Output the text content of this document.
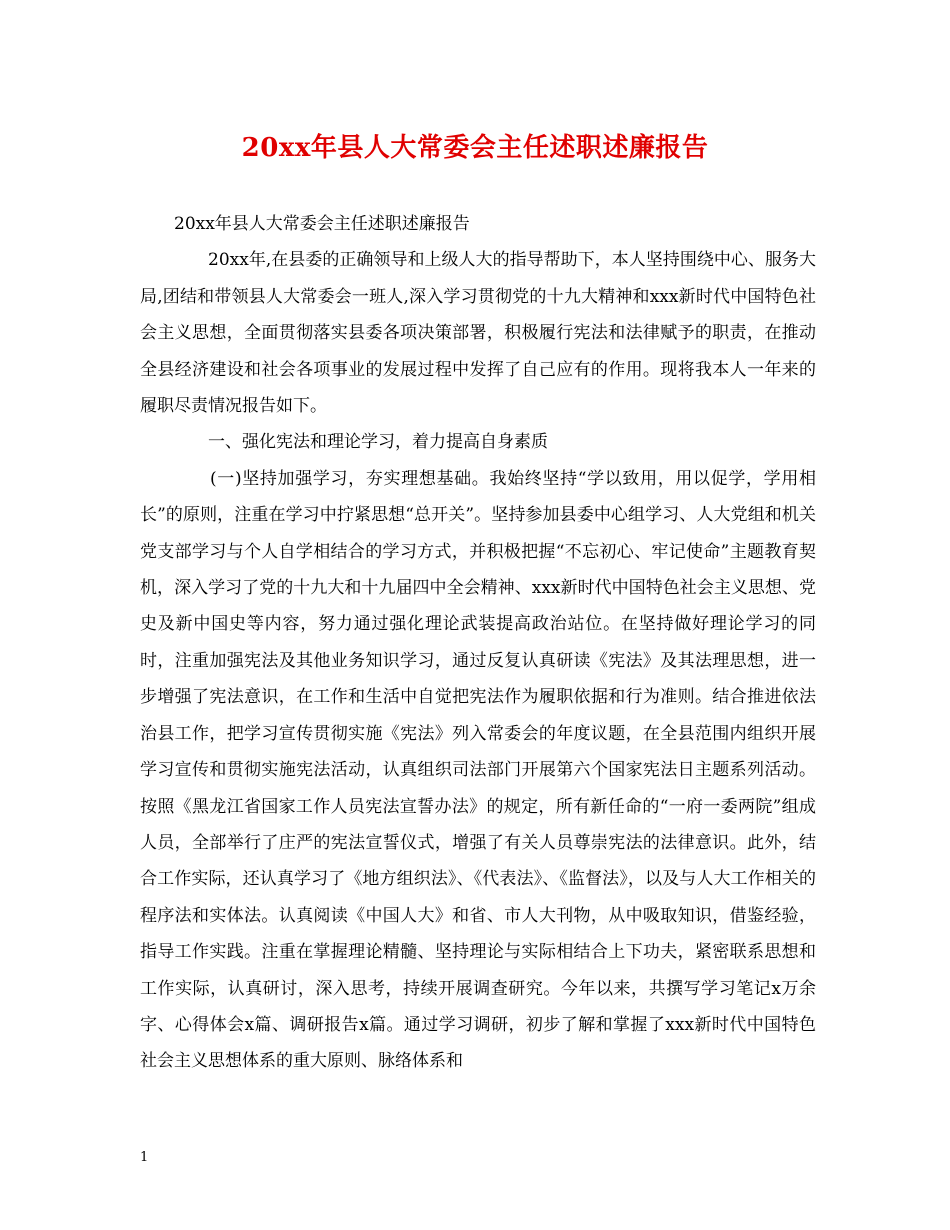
20xx年县人大常委会主任述职述廉报告

20xx年县人大常委会主任述职述廉报告

20xx年,在县委的正确领导和上级人大的指导帮助下，本人坚持围绕中心、服务大局,团结和带领县人大常委会一班人,深入学习贯彻党的十九大精神和xxx新时代中国特色社会主义思想，全面贯彻落实县委各项决策部署，积极履行宪法和法律赋予的职责，在推动全县经济建设和社会各项事业的发展过程中发挥了自己应有的作用。现将我本人一年来的履职尽责情况报告如下。

一、强化宪法和理论学习，着力提高自身素质

(一)坚持加强学习，夯实理想基础。我始终坚持“学以致用，用以促学，学用相长”的原则，注重在学习中拧紧思想“总开关”。坚持参加县委中心组学习、人大党组和机关党支部学习与个人自学相结合的学习方式，并积极把握“不忘初心、牢记使命”主题教育契机，深入学习了党的十九大和十九届四中全会精神、xxx新时代中国特色社会主义思想、党史及新中国史等内容，努力通过强化理论武装提高政治站位。在坚持做好理论学习的同时，注重加强宪法及其他业务知识学习，通过反复认真研读《宪法》及其法理思想，进一步增强了宪法意识，在工作和生活中自觉把宪法作为履职依据和行为准则。结合推进依法治县工作，把学习宣传贯彻实施《宪法》列入常委会的年度议题，在全县范围内组织开展学习宣传和贯彻实施宪法活动，认真组织司法部门开展第六个国家宪法日主题系列活动。按照《黑龙江省国家工作人员宪法宣誓办法》的规定，所有新任命的“一府一委两院”组成人员，全部举行了庄严的宪法宣誓仪式，增强了有关人员尊崇宪法的法律意识。此外，结合工作实际，还认真学习了《地方组织法》、《代表法》、《监督法》，以及与人大工作相关的程序法和实体法。认真阅读《中国人大》和省、市人大刊物，从中吸取知识，借鉴经验，指导工作实践。注重在掌握理论精髓、坚持理论与实际相结合上下功夫，紧密联系思想和工作实际，认真研讨，深入思考，持续开展调查研究。今年以来，共撰写学习笔记x万余字、心得体会x篇、调研报告x篇。通过学习调研，初步了解和掌握了xxx新时代中国特色社会主义思想体系的重大原则、脉络体系和

1
